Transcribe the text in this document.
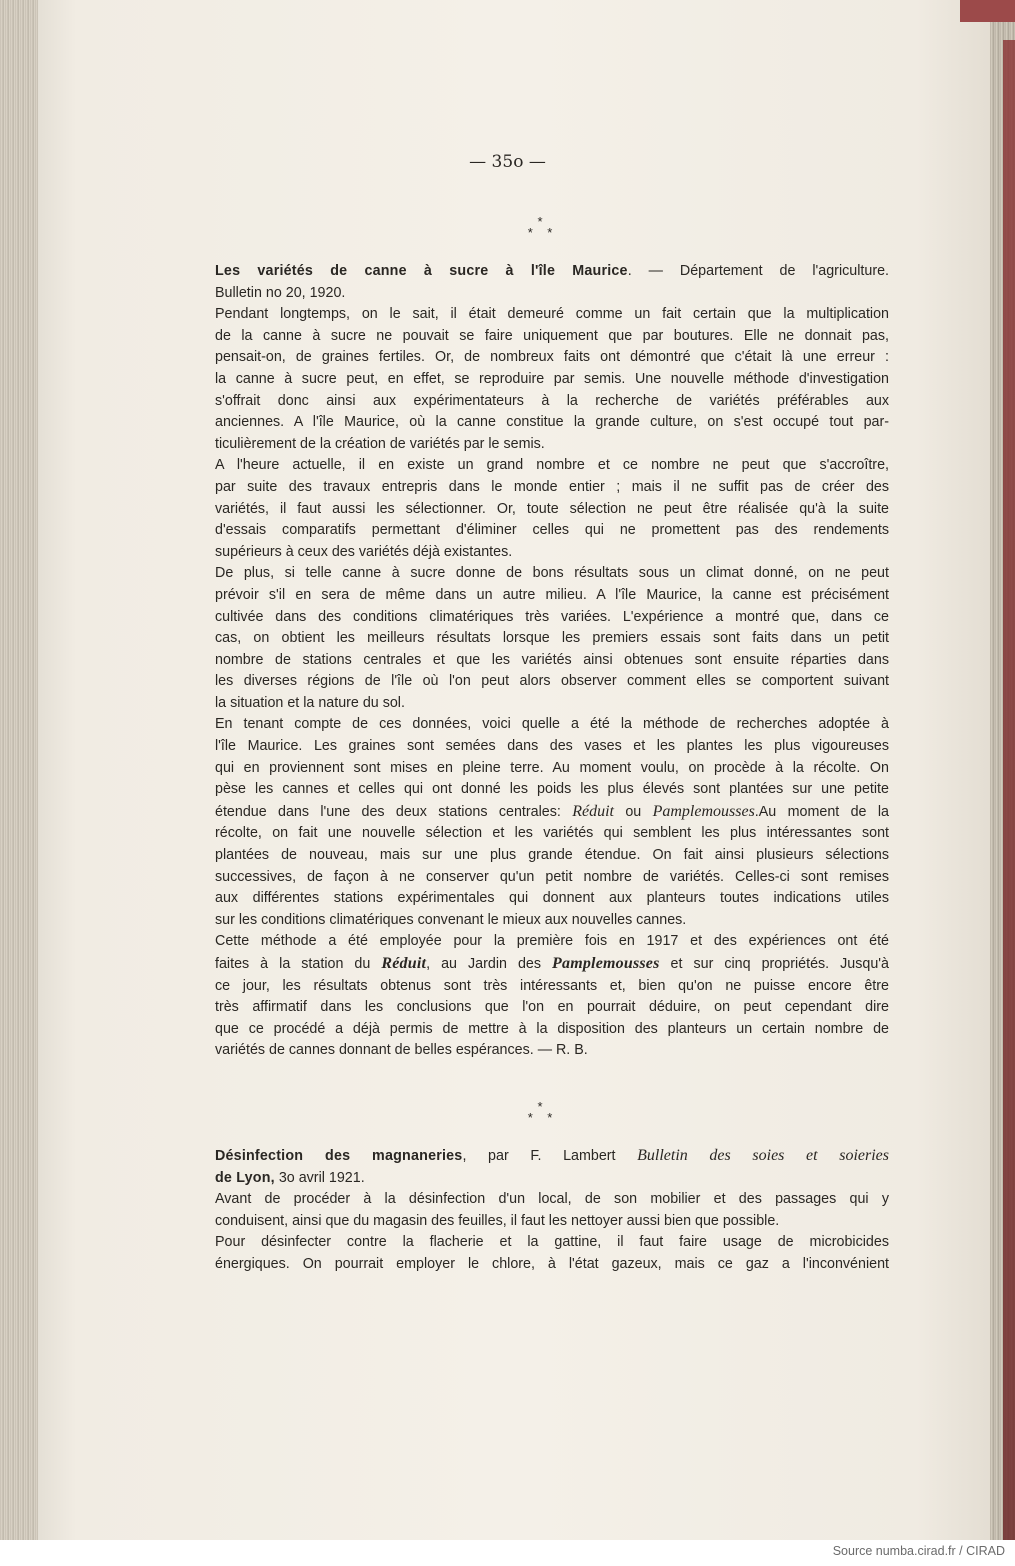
— 35o —
*
*    *
Les variétés de canne à sucre à l'île Maurice. — Département de l'agriculture.
Bulletin no 20, 1920.
Pendant longtemps, on le sait, il était demeuré comme un fait certain que la multiplication
de la canne à sucre ne pouvait se faire uniquement que par boutures. Elle ne donnait pas,
pensait-on, de graines fertiles. Or, de nombreux faits ont démontré que c'était là une erreur :
la canne à sucre peut, en effet, se reproduire par semis. Une nouvelle méthode d'investigation
s'offrait donc ainsi aux expérimentateurs à la recherche de variétés préférables aux
anciennes. A l'île Maurice, où la canne constitue la grande culture, on s'est occupé tout par-
ticulièrement de la création de variétés par le semis.
A l'heure actuelle, il en existe un grand nombre et ce nombre ne peut que s'accroître,
par suite des travaux entrepris dans le monde entier ; mais il ne suffit pas de créer des
variétés, il faut aussi les sélectionner. Or, toute sélection ne peut être réalisée qu'à la suite
d'essais comparatifs permettant d'éliminer celles qui ne promettent pas des rendements
supérieurs à ceux des variétés déjà existantes.
De plus, si telle canne à sucre donne de bons résultats sous un climat donné, on ne peut
prévoir s'il en sera de même dans un autre milieu. A l'île Maurice, la canne est précisément
cultivée dans des conditions climatériques très variées. L'expérience a montré que, dans ce
cas, on obtient les meilleurs résultats lorsque les premiers essais sont faits dans un petit
nombre de stations centrales et que les variétés ainsi obtenues sont ensuite réparties dans
les diverses régions de l'île où l'on peut alors observer comment elles se comportent suivant
la situation et la nature du sol.
En tenant compte de ces données, voici quelle a été la méthode de recherches adoptée à
l'île Maurice. Les graines sont semées dans des vases et les plantes les plus vigoureuses
qui en proviennent sont mises en pleine terre. Au moment voulu, on procède à la récolte. On
pèse les cannes et celles qui ont donné les poids les plus élevés sont plantées sur une petite
étendue dans l'une des deux stations centrales: Réduit ou Pamplemousses.Au moment de la
récolte, on fait une nouvelle sélection et les variétés qui semblent les plus intéressantes sont
plantées de nouveau, mais sur une plus grande étendue. On fait ainsi plusieurs sélections
successives, de façon à ne conserver qu'un petit nombre de variétés. Celles-ci sont remises
aux différentes stations expérimentales qui donnent aux planteurs toutes indications utiles
sur les conditions climatériques convenant le mieux aux nouvelles cannes.
Cette méthode a été employée pour la première fois en 1917 et des expériences ont été
faites à la station du Réduit, au Jardin des Pamplemousses et sur cinq propriétés. Jusqu'à
ce jour, les résultats obtenus sont très intéressants et, bien qu'on ne puisse encore être
très affirmatif dans les conclusions que l'on en pourrait déduire, on peut cependant dire
que ce procédé a déjà permis de mettre à la disposition des planteurs un certain nombre de
variétés de cannes donnant de belles espérances. — R. B.
*
*    *
Désinfection des magnaneries, par F. Lambert Bulletin des soies et soieries
de Lyon, 3o avril 1921.
Avant de procéder à la désinfection d'un local, de son mobilier et des passages qui y
conduisent, ainsi que du magasin des feuilles, il faut les nettoyer aussi bien que possible.
Pour désinfecter contre la flacherie et la gattine, il faut faire usage de microbicides
énergiques. On pourrait employer le chlore, à l'état gazeux, mais ce gaz a l'inconvénient
Source numba.cirad.fr / CIRAD
